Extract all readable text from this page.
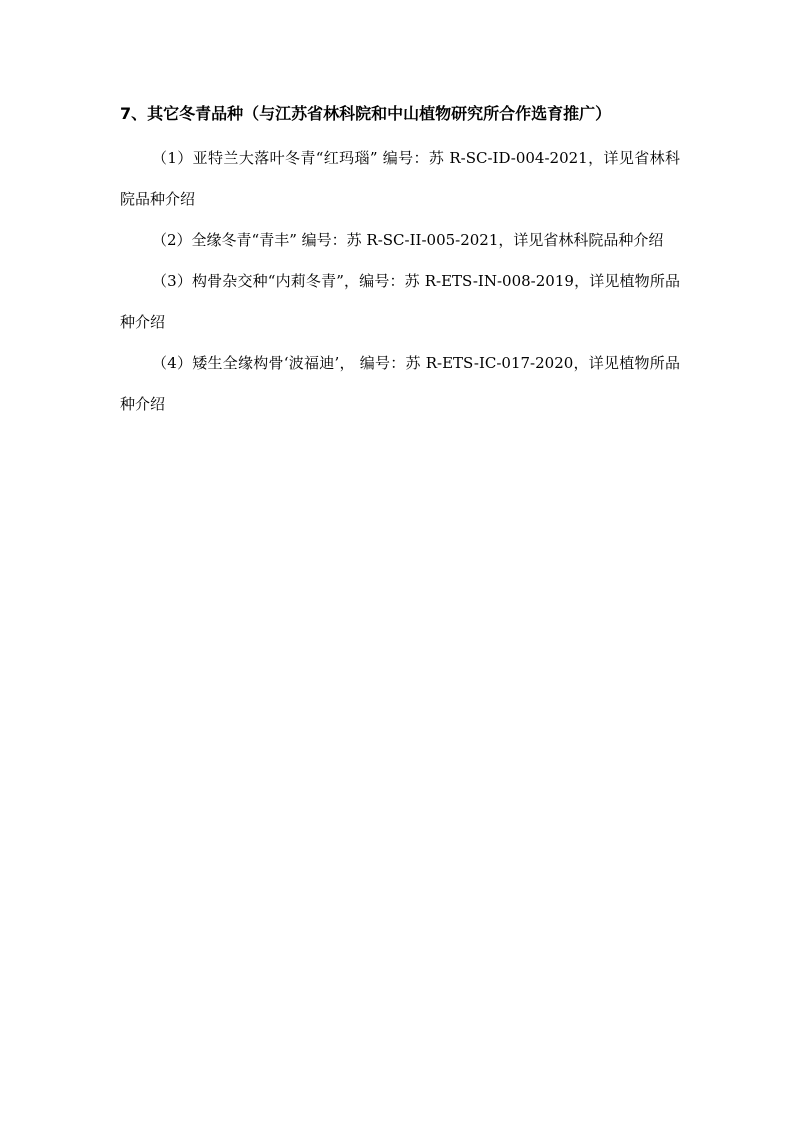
7、其它冬青品种（与江苏省林科院和中山植物研究所合作选育推广）

（1）亚特兰大落叶冬青“红玛瑙” 编号：苏 R-SC-ID-004-2021，详见省林科院品种介绍

（2）全缘冬青“青丰” 编号：苏 R-SC-II-005-2021，详见省林科院品种介绍

（3）构骨杂交种“内莉冬青”，编号：苏 R-ETS-IN-008-2019，详见植物所品种介绍

（4）矮生全缘构骨‘波福迪’， 编号：苏 R-ETS-IC-017-2020，详见植物所品种介绍
